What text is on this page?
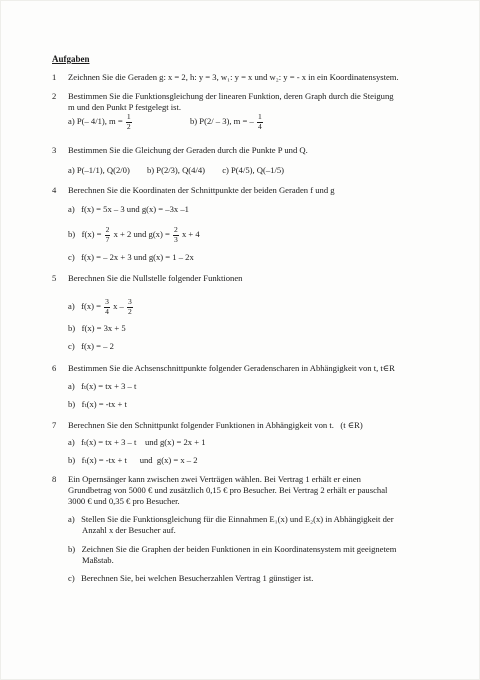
Aufgaben
1 Zeichnen Sie die Geraden g: x = 2, h: y = 3, w₁: y = x und w₂: y = - x in ein Koordinatensystem.
2 Bestimmen Sie die Funktionsgleichung der linearen Funktion, deren Graph durch die Steigung
m und den Punkt P festgelegt ist.
a) P(– 4/1), $m = \frac{1}{2}$	b) P(2/ – 3), m = – $\frac{1}{4}$
3 Bestimmen Sie die Gleichung der Geraden durch die Punkte P und Q.
a) P(–1/1), Q(2/0)        b) P(2/3), Q(4/4)        c) P(4/5), Q(–1/5)
4 Berechnen Sie die Koordinaten der Schnittpunkte der beiden Geraden f und g
a)   f(x) = 5x – 3 und g(x) = –3x –1
b)   $f(x) = \frac{2}{7}$ x + 2 und $g(x) = \frac{2}{3}$ x + 4
c)   f(x) = – 2x + 3 und g(x) = 1 – 2x
5 Berechnen Sie die Nullstelle folgender Funktionen
a)   $f(x) = \frac{3}{4}$ x – $\frac{3}{2}$
b)   f(x) = 3x + 5
c)   f(x) = – 2
6 Bestimmen Sie die Achsenschnittpunkte folgender Geradenscharen in Abhängigkeit von t, t∈R
a)   fₜ(x) = tx + 3 – t
b)   fₜ(x) = -tx + t
7 Berechnen Sie den Schnittpunkt folgender Funktionen in Abhängigkeit von t.   (t ∈R)
a)   fₜ(x) = tx + 3 – t    und g(x) = 2x + 1
b)   fₜ(x) = -tx + t      und  g(x) = x – 2
8 Ein Opernsänger kann zwischen zwei Verträgen wählen. Bei Vertrag 1 erhält er einen
Grundbetrag von 5000 € und zusätzlich 0,15 € pro Besucher. Bei Vertrag 2 erhält er pauschal
3000 € und 0,35 € pro Besucher.
a)   Stellen Sie die Funktionsgleichung für die Einnahmen E₁(x) und E₂(x) in Abhängigkeit der
Anzahl x der Besucher auf.
b)   Zeichnen Sie die Graphen der beiden Funktionen in ein Koordinatensystem mit geeignetem
Maßstab.
c)   Berechnen Sie, bei welchen Besucherzahlen Vertrag 1 günstiger ist.
